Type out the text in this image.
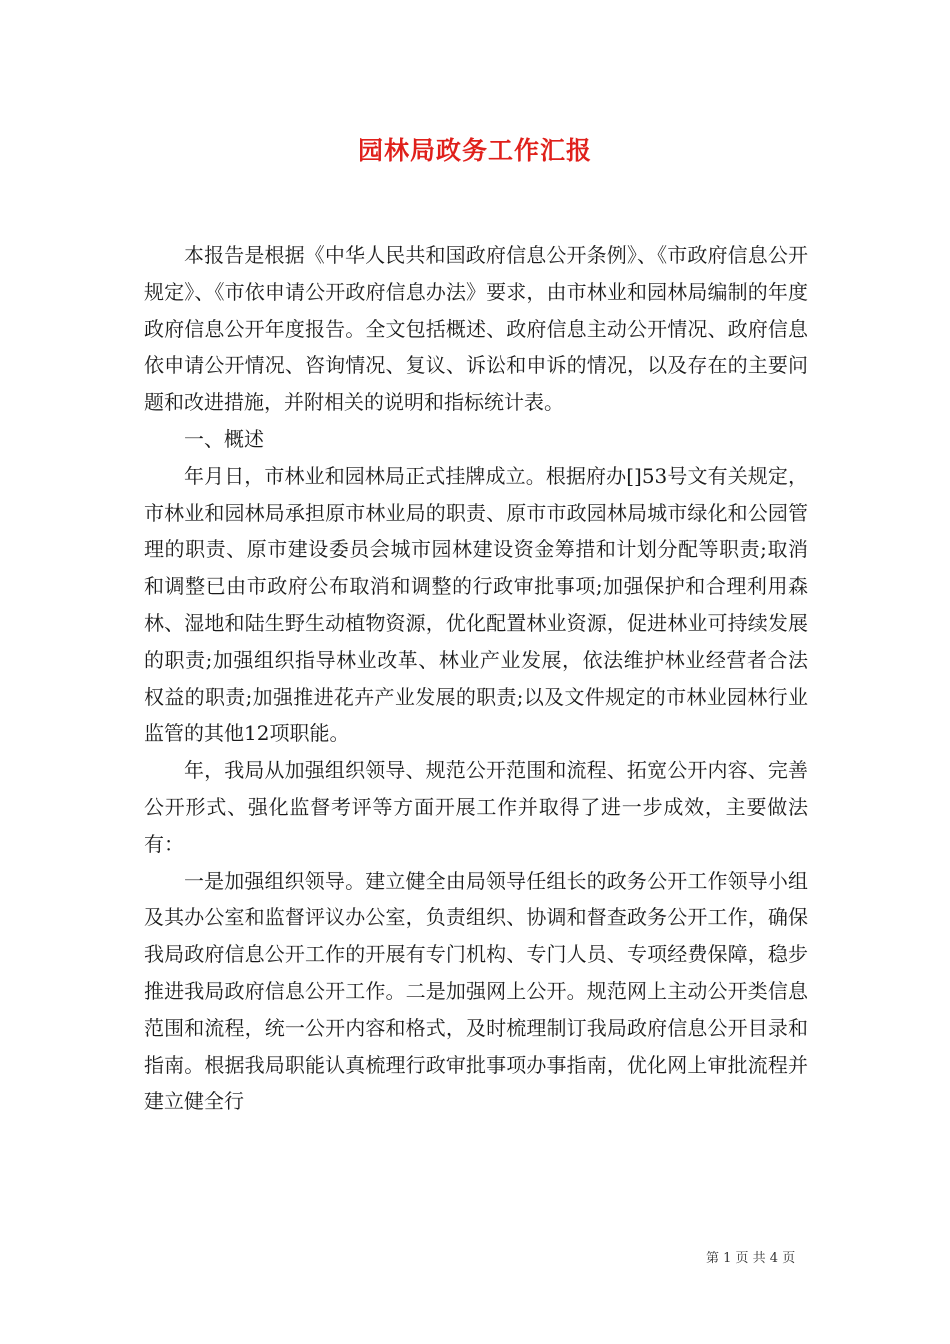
园林局政务工作汇报

本报告是根据《中华人民共和国政府信息公开条例》、《市政府信息公开规定》、《市依申请公开政府信息办法》要求，由市林业和园林局编制的年度政府信息公开年度报告。全文包括概述、政府信息主动公开情况、政府信息依申请公开情况、咨询情况、复议、诉讼和申诉的情况，以及存在的主要问题和改进措施，并附相关的说明和指标统计表。

一、概述

年月日，市林业和园林局正式挂牌成立。根据府办[]53号文有关规定，市林业和园林局承担原市林业局的职责、原市市政园林局城市绿化和公园管理的职责、原市建设委员会城市园林建设资金筹措和计划分配等职责;取消和调整已由市政府公布取消和调整的行政审批事项;加强保护和合理利用森林、湿地和陆生野生动植物资源，优化配置林业资源，促进林业可持续发展的职责;加强组织指导林业改革、林业产业发展，依法维护林业经营者合法权益的职责;加强推进花卉产业发展的职责;以及文件规定的市林业园林行业监管的其他12项职能。

年，我局从加强组织领导、规范公开范围和流程、拓宽公开内容、完善公开形式、强化监督考评等方面开展工作并取得了进一步成效，主要做法有：

一是加强组织领导。建立健全由局领导任组长的政务公开工作领导小组及其办公室和监督评议办公室，负责组织、协调和督查政务公开工作，确保我局政府信息公开工作的开展有专门机构、专门人员、专项经费保障，稳步推进我局政府信息公开工作。二是加强网上公开。规范网上主动公开类信息范围和流程，统一公开内容和格式，及时梳理制订我局政府信息公开目录和指南。根据我局职能认真梳理行政审批事项办事指南，优化网上审批流程并建立健全行

第 1 页 共 4 页
